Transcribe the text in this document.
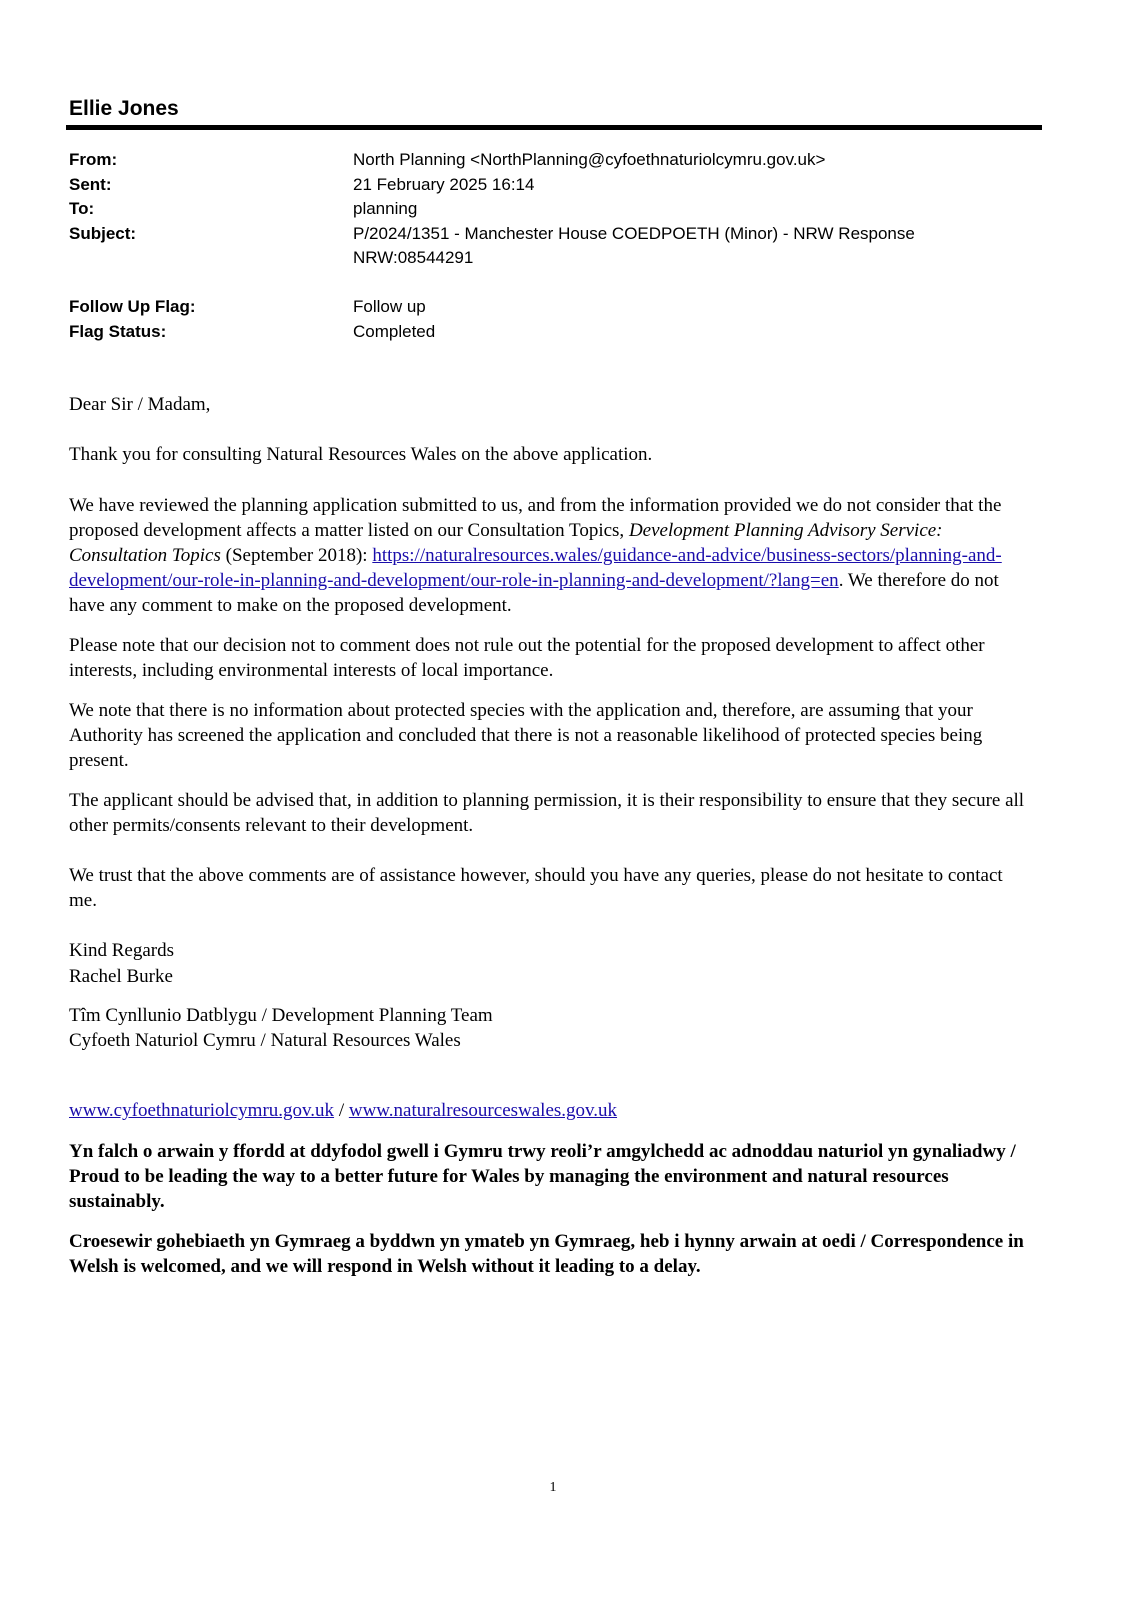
Ellie Jones
From:	North Planning <NorthPlanning@cyfoethnaturiolcymru.gov.uk>
Sent:	21 February 2025 16:14
To:	planning
Subject:	P/2024/1351 - Manchester House COEDPOETH (Minor) - NRW Response
NRW:08544291
Follow Up Flag:	Follow up
Flag Status:	Completed
Dear Sir / Madam,
Thank you for consulting Natural Resources Wales on the above application.

We have reviewed the planning application submitted to us, and from the information provided we do not consider that the proposed development affects a matter listed on our Consultation Topics, Development Planning Advisory Service: Consultation Topics (September 2018): https://naturalresources.wales/guidance-and-advice/business-sectors/planning-and-development/our-role-in-planning-and-development/our-role-in-planning-and-development/?lang=en. We therefore do not have any comment to make on the proposed development.

Please note that our decision not to comment does not rule out the potential for the proposed development to affect other interests, including environmental interests of local importance.
We note that there is no information about protected species with the application and, therefore, are assuming that your Authority has screened the application and concluded that there is not a reasonable likelihood of protected species being present.
The applicant should be advised that, in addition to planning permission, it is their responsibility to ensure that they secure all other permits/consents relevant to their development.
We trust that the above comments are of assistance however, should you have any queries, please do not hesitate to contact me.
Kind Regards
Rachel Burke
Tîm Cynllunio Datblygu / Development Planning Team
Cyfoeth Naturiol Cymru / Natural Resources Wales
www.cyfoethnaturiolcymru.gov.uk / www.naturalresourceswales.gov.uk
Yn falch o arwain y ffordd at ddyfodol gwell i Gymru trwy reoli’r amgylchedd ac adnoddau naturiol yn gynaliadwy / Proud to be leading the way to a better future for Wales by managing the environment and natural resources sustainably.
Croesewir gohebiaeth yn Gymraeg a byddwn yn ymateb yn Gymraeg, heb i hynny arwain at oedi / Correspondence in Welsh is welcomed, and we will respond in Welsh without it leading to a delay.
1
